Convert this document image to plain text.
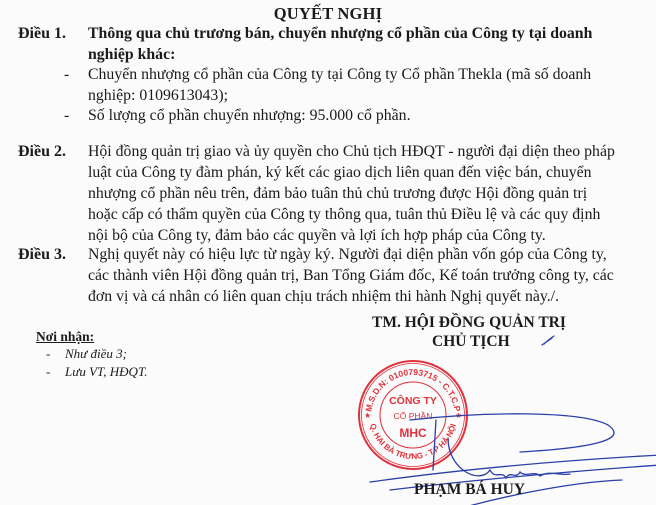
QUYẾT NGHỊ
Điều 1. Thông qua chủ trương bán, chuyển nhượng cổ phần của Công ty tại doanh
nghiệp khác:
- Chuyển nhượng cổ phần của Công ty tại Công ty Cổ phần Thekla (mã số doanh
nghiệp: 0109613043);
- Số lượng cổ phần chuyển nhượng: 95.000 cổ phần.
Điều 2. Hội đồng quản trị giao và ủy quyền cho Chủ tịch HĐQT - người đại diện theo pháp
luật của Công ty đàm phán, ký kết các giao dịch liên quan đến việc bán, chuyển
nhượng cổ phần nêu trên, đảm bảo tuân thủ chủ trương được Hội đồng quản trị
hoặc cấp có thẩm quyền của Công ty thông qua, tuân thủ Điều lệ và các quy định
nội bộ của Công ty, đảm bảo các quyền và lợi ích hợp pháp của Công ty.
Điều 3. Nghị quyết này có hiệu lực từ ngày ký. Người đại diện phần vốn góp của Công ty,
các thành viên Hội đồng quản trị, Ban Tổng Giám đốc, Kế toán trưởng công ty, các
đơn vị và cá nhân có liên quan chịu trách nhiệm thi hành Nghị quyết này./.
Nơi nhận:
- Như điều 3;
- Lưu VT, HĐQT.
TM. HỘI ĐỒNG QUẢN TRỊ
CHỦ TỊCH
M.S.D.N: 0100793715 - C.T.C.P
Q. HAI BÀ TRƯNG - T.P HÀ NỘI
★	★
CÔNG TY
CỔ PHẦN
MHC
PHẠM BÁ HUY
